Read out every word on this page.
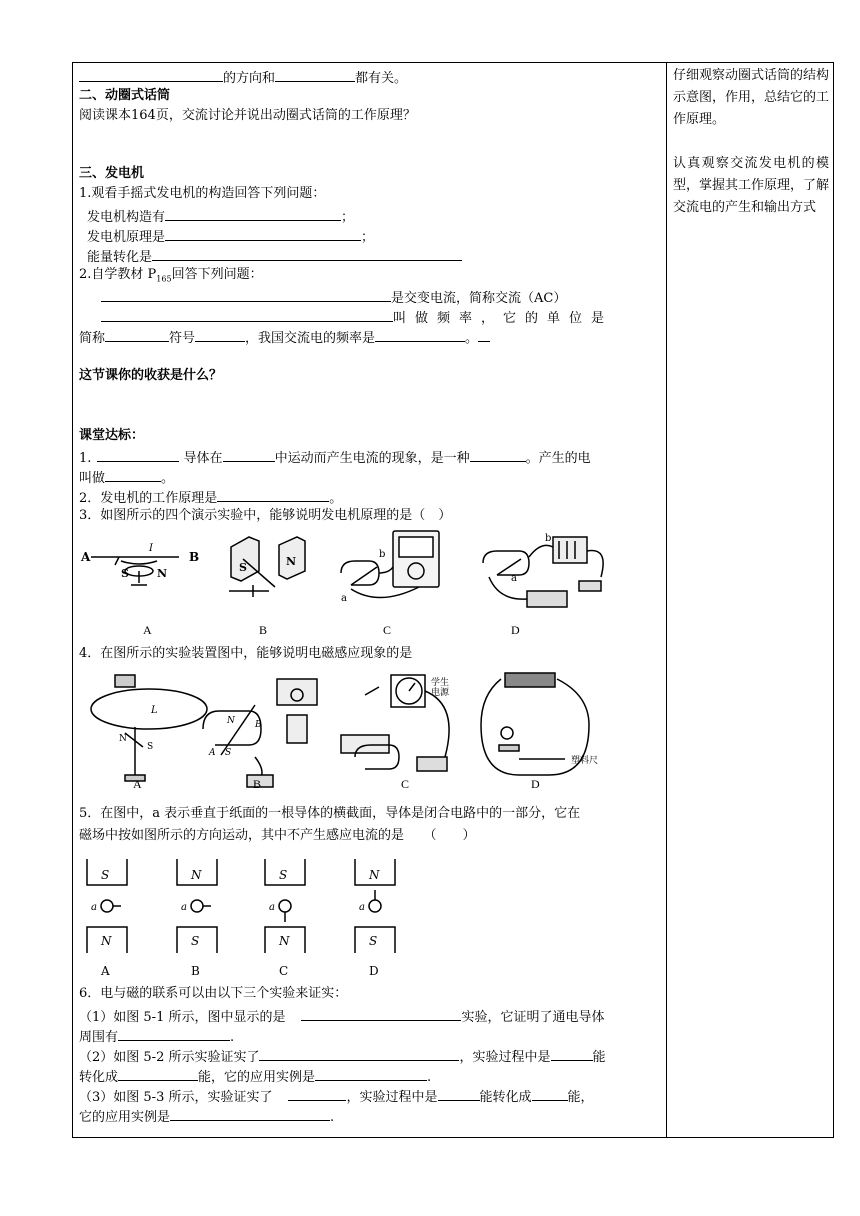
的方向和	都有关。
二、动圈式话筒
阅读课本164页，交流讨论并说出动圈式话筒的工作原理？
三、发电机
1.观看手摇式发电机的构造回答下列问题：
发电机构造有	；
发电机原理是	；
能量转化是
2.自学教材 $P_{165}$回答下列问题：
是交变电流，简称交流（AC）
叫做频率，它的单位是
简称	符号	，我国交流电的频率是	。
这节课你的收获是什么？
课堂达标：
1.	导体在	中运动而产生电流的现象，是一种	。产生的电
叫做	。
2．发电机的工作原理是	。
3．如图所示的四个演示实验中，能够说明发电机原理的是（　）
A	B
I
S	N	S	N
a
b
b
a
A	B	C	D
4．在图所示的实验装置图中，能够说明电磁感应现象的是
N
S
L
N B
A S
学生
电源
塑料尺
A	B	C	D
5．在图中，a 表示垂直于纸面的一根导体的横截面，导体是闭合电路中的一部分，它在
磁场中按如图所示的方向运动，其中不产生感应电流的是　　（　　）
S
N
a
A
N
S
a
B
S
N
a
C
N
S
a
D
6．电与磁的联系可以由以下三个实验来证实：
（1）如图 5-1 所示，图中显示的是	实验，它证明了通电导体
周围有	.
（2）如图 5-2 所示实验证实了	，实验过程中是	能
转化成	能，它的应用实例是	.
（3）如图 5-3 所示，实验证实了	，实验过程中是	能转化成	能，
它的应用实例是	.
仔细观察动圈式话筒的结构示意图，作用，总结它的工作原理。
认真观察交流发电机的模型，掌握其工作原理，了解交流电的产生和输出方式
